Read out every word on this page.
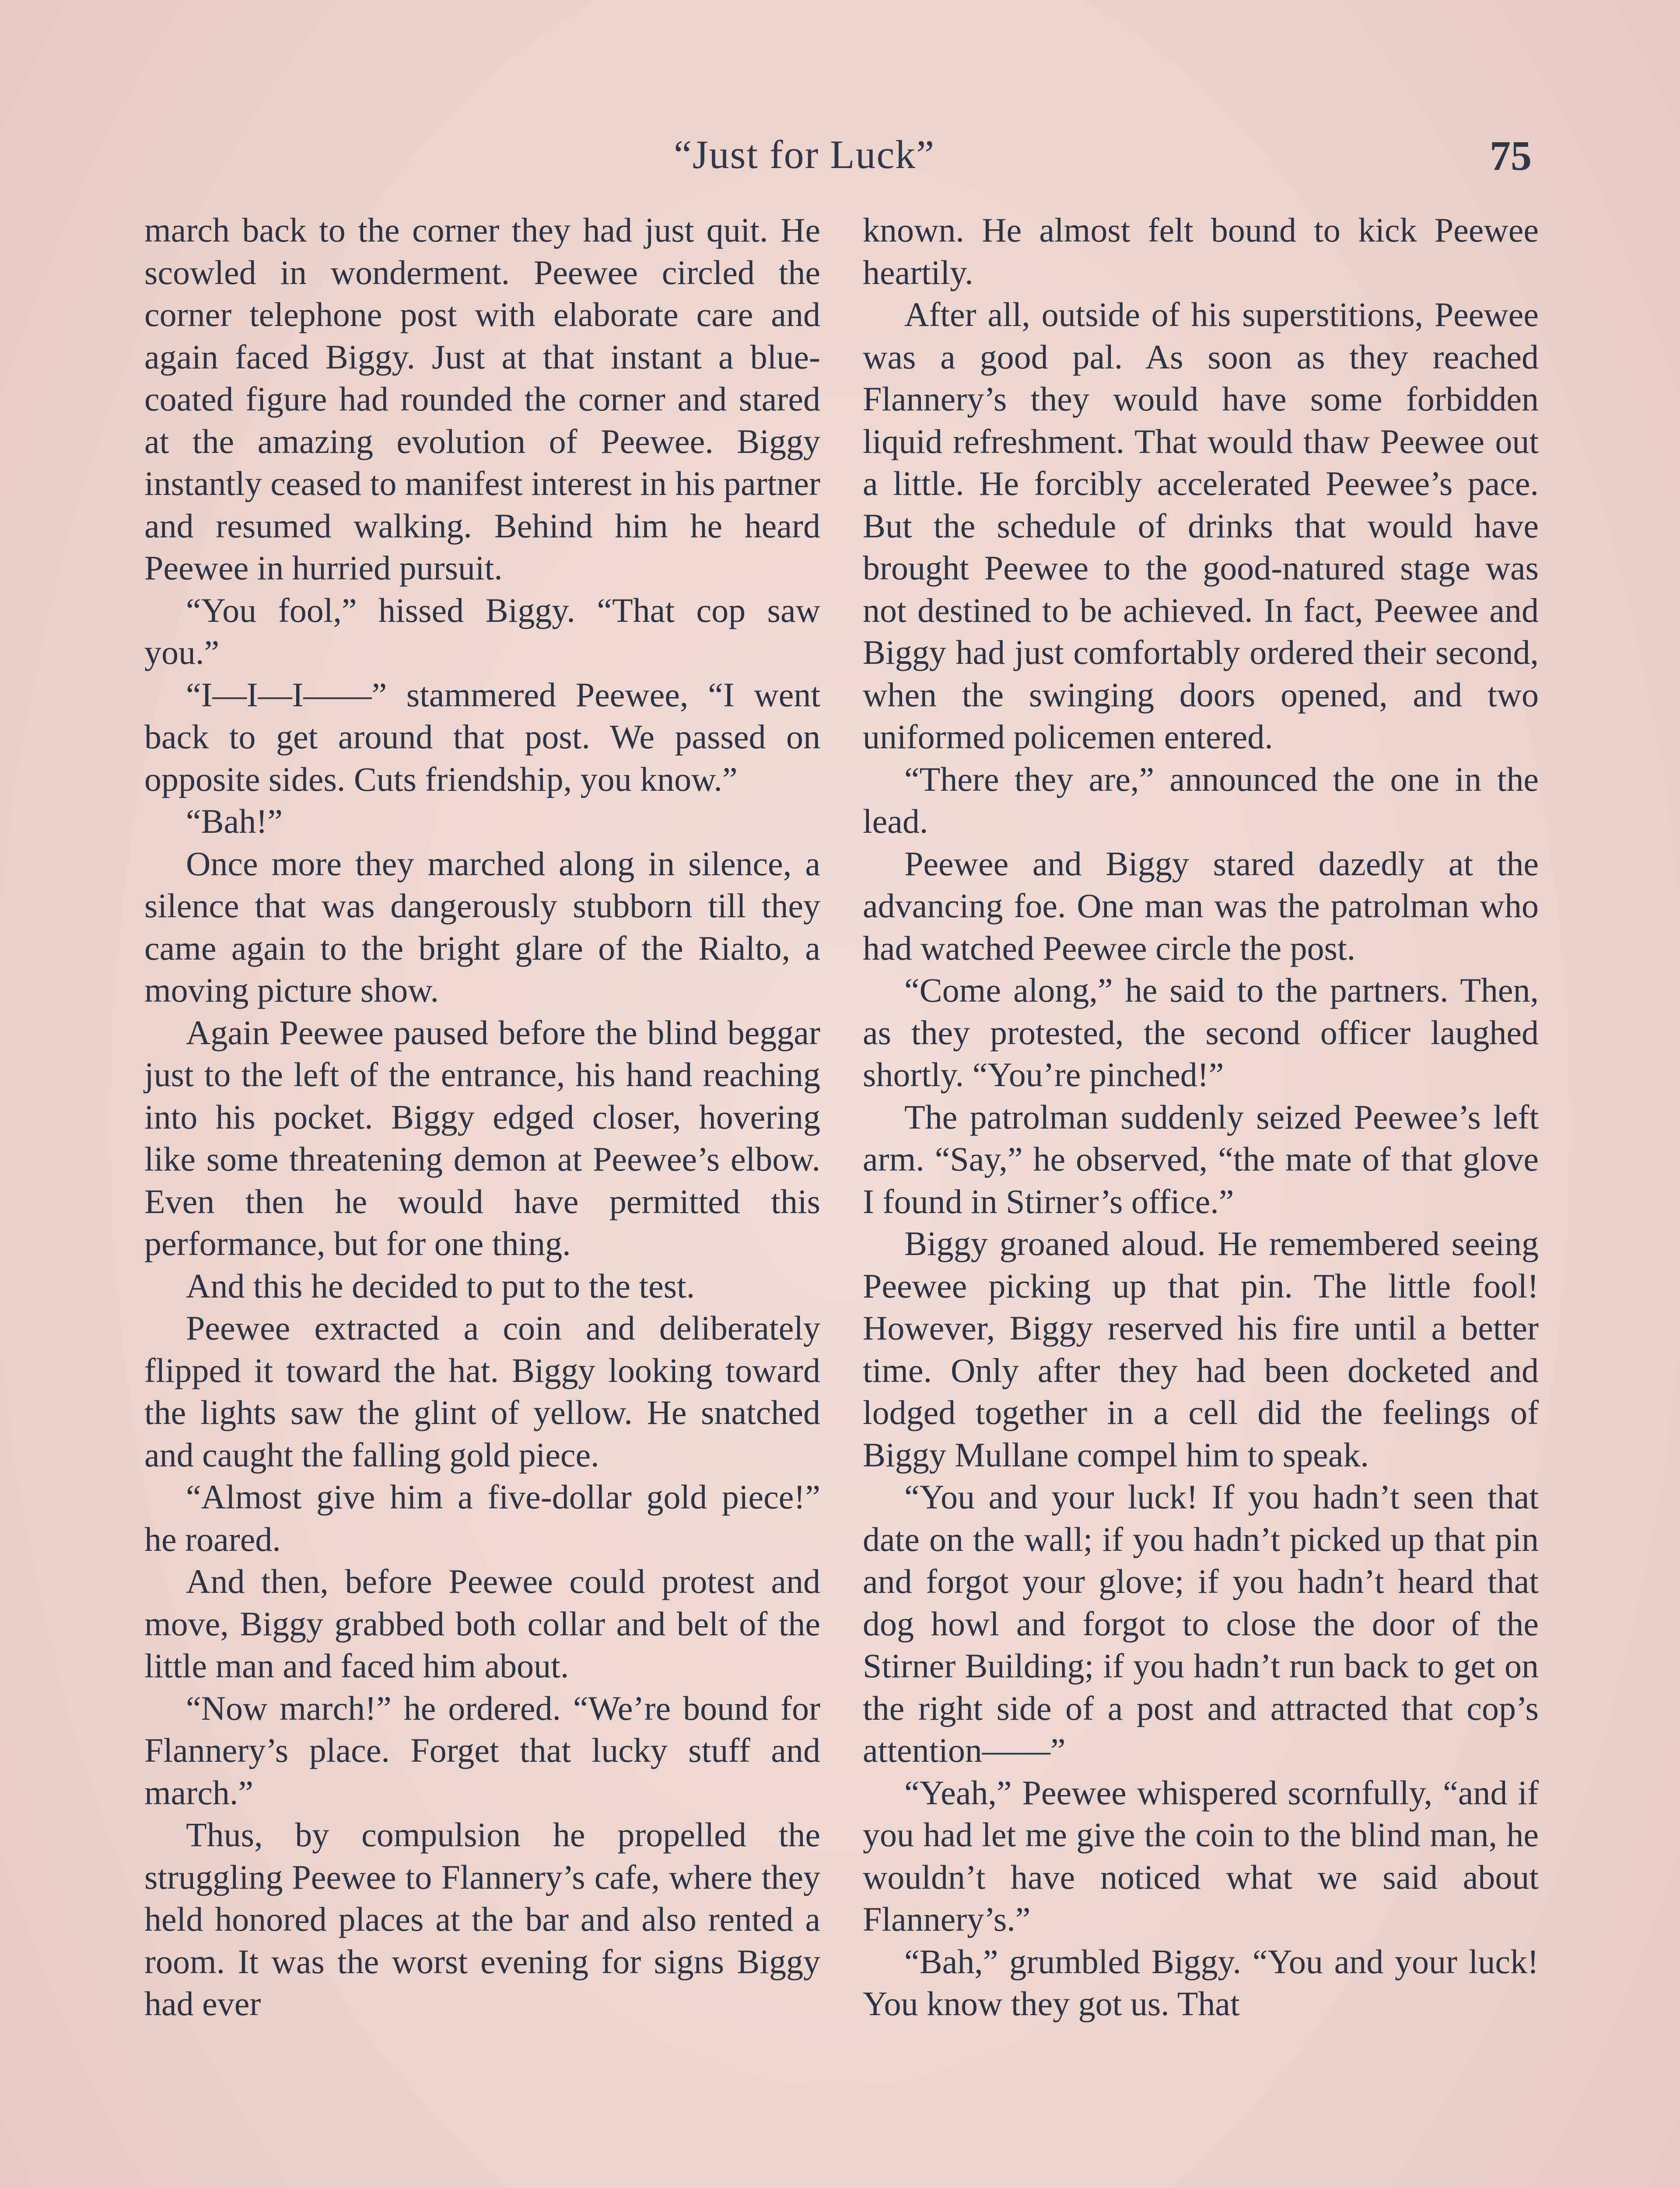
“Just for Luck”	75

march back to the corner they had just quit. He scowled in wonderment. Peewee circled the corner telephone post with elaborate care and again faced Biggy. Just at that instant a blue-coated figure had rounded the corner and stared at the amazing evolution of Peewee. Biggy instantly ceased to manifest interest in his partner and resumed walking. Behind him he heard Peewee in hurried pursuit.

“You fool,” hissed Biggy. “That cop saw you.”

“I—I—I——” stammered Peewee, “I went back to get around that post. We passed on opposite sides. Cuts friendship, you know.”

“Bah!”

Once more they marched along in silence, a silence that was dangerously stubborn till they came again to the bright glare of the Rialto, a moving picture show.

Again Peewee paused before the blind beggar just to the left of the entrance, his hand reaching into his pocket. Biggy edged closer, hovering like some threatening demon at Peewee’s elbow. Even then he would have permitted this performance, but for one thing.

And this he decided to put to the test.

Peewee extracted a coin and deliberately flipped it toward the hat. Biggy looking toward the lights saw the glint of yellow. He snatched and caught the falling gold piece.

“Almost give him a five-dollar gold piece!” he roared.

And then, before Peewee could protest and move, Biggy grabbed both collar and belt of the little man and faced him about.

“Now march!” he ordered. “We’re bound for Flannery’s place. Forget that lucky stuff and march.”

Thus, by compulsion he propelled the struggling Peewee to Flannery’s cafe, where they held honored places at the bar and also rented a room. It was the worst evening for signs Biggy had ever

known. He almost felt bound to kick Peewee heartily.

After all, outside of his superstitions, Peewee was a good pal. As soon as they reached Flannery’s they would have some forbidden liquid refreshment. That would thaw Peewee out a little. He forcibly accelerated Peewee’s pace. But the schedule of drinks that would have brought Peewee to the good-natured stage was not destined to be achieved. In fact, Peewee and Biggy had just comfortably ordered their second, when the swinging doors opened, and two uniformed policemen entered.

“There they are,” announced the one in the lead.

Peewee and Biggy stared dazedly at the advancing foe. One man was the patrolman who had watched Peewee circle the post.

“Come along,” he said to the partners. Then, as they protested, the second officer laughed shortly. “You’re pinched!”

The patrolman suddenly seized Peewee’s left arm. “Say,” he observed, “the mate of that glove I found in Stirner’s office.”

Biggy groaned aloud. He remembered seeing Peewee picking up that pin. The little fool! However, Biggy reserved his fire until a better time. Only after they had been docketed and lodged together in a cell did the feelings of Biggy Mullane compel him to speak.

“You and your luck! If you hadn’t seen that date on the wall; if you hadn’t picked up that pin and forgot your glove; if you hadn’t heard that dog howl and forgot to close the door of the Stirner Building; if you hadn’t run back to get on the right side of a post and attracted that cop’s attention——”

“Yeah,” Peewee whispered scornfully, “and if you had let me give the coin to the blind man, he wouldn’t have noticed what we said about Flannery’s.”

“Bah,” grumbled Biggy. “You and your luck! You know they got us. That
